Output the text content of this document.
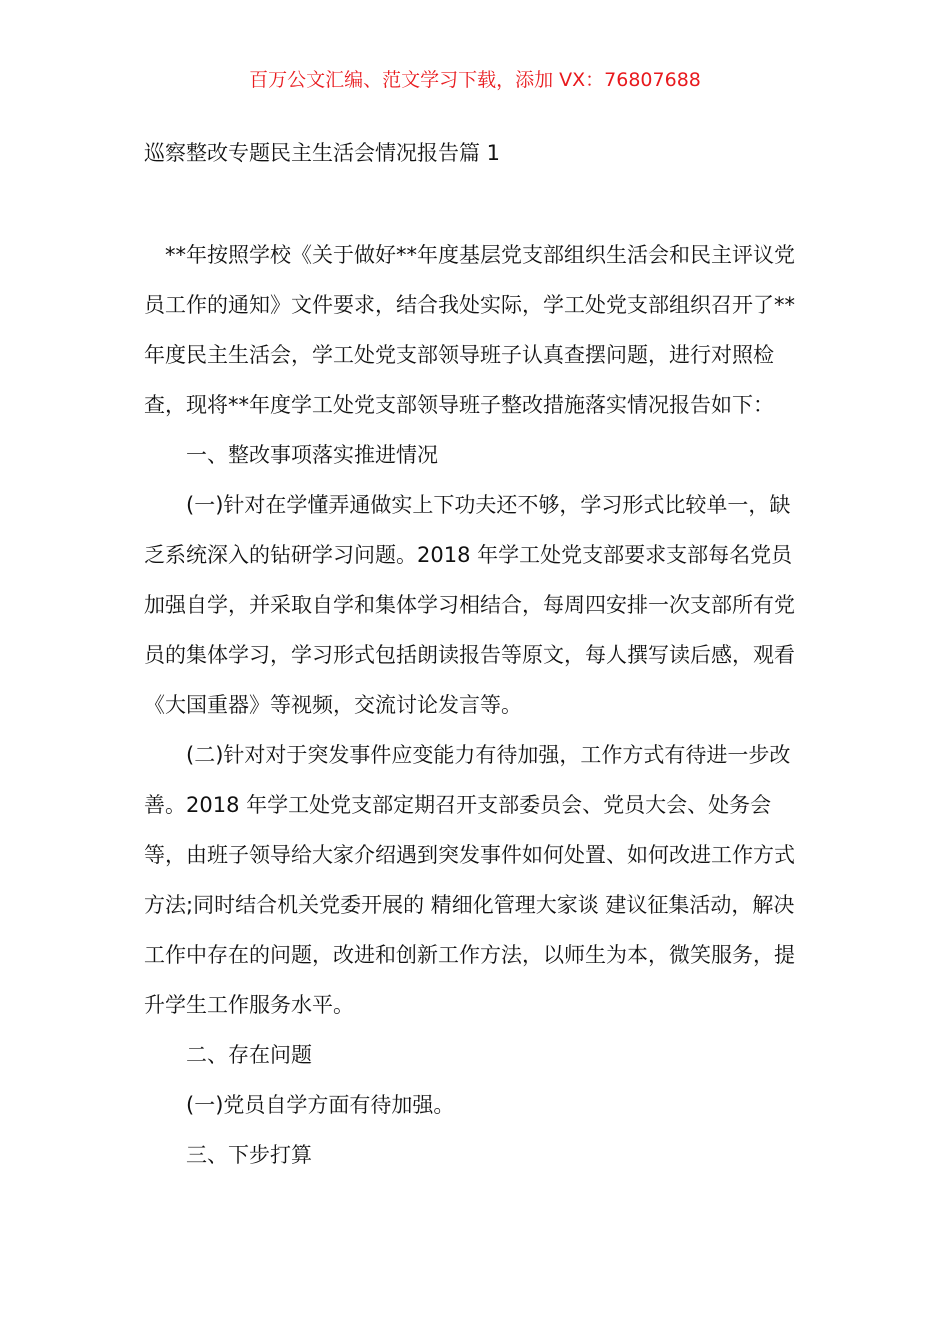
百万公文汇编、范文学习下载，添加 VX：76807688
巡察整改专题民主生活会情况报告篇 1

**年按照学校《关于做好**年度基层党支部组织生活会和民主评议党员工作的通知》文件要求，结合我处实际，学工处党支部组织召开了**年度民主生活会，学工处党支部领导班子认真查摆问题，进行对照检查，现将**年度学工处党支部领导班子整改措施落实情况报告如下：

一、整改事项落实推进情况

(一)针对在学懂弄通做实上下功夫还不够，学习形式比较单一，缺乏系统深入的钻研学习问题。2018 年学工处党支部要求支部每名党员加强自学，并采取自学和集体学习相结合，每周四安排一次支部所有党员的集体学习，学习形式包括朗读报告等原文，每人撰写读后感，观看《大国重器》等视频，交流讨论发言等。

(二)针对对于突发事件应变能力有待加强，工作方式有待进一步改善。2018 年学工处党支部定期召开支部委员会、党员大会、处务会等，由班子领导给大家介绍遇到突发事件如何处置、如何改进工作方式方法;同时结合机关党委开展的 精细化管理大家谈 建议征集活动，解决工作中存在的问题，改进和创新工作方法，以师生为本，微笑服务，提升学生工作服务水平。

二、存在问题

(一)党员自学方面有待加强。

三、下步打算
